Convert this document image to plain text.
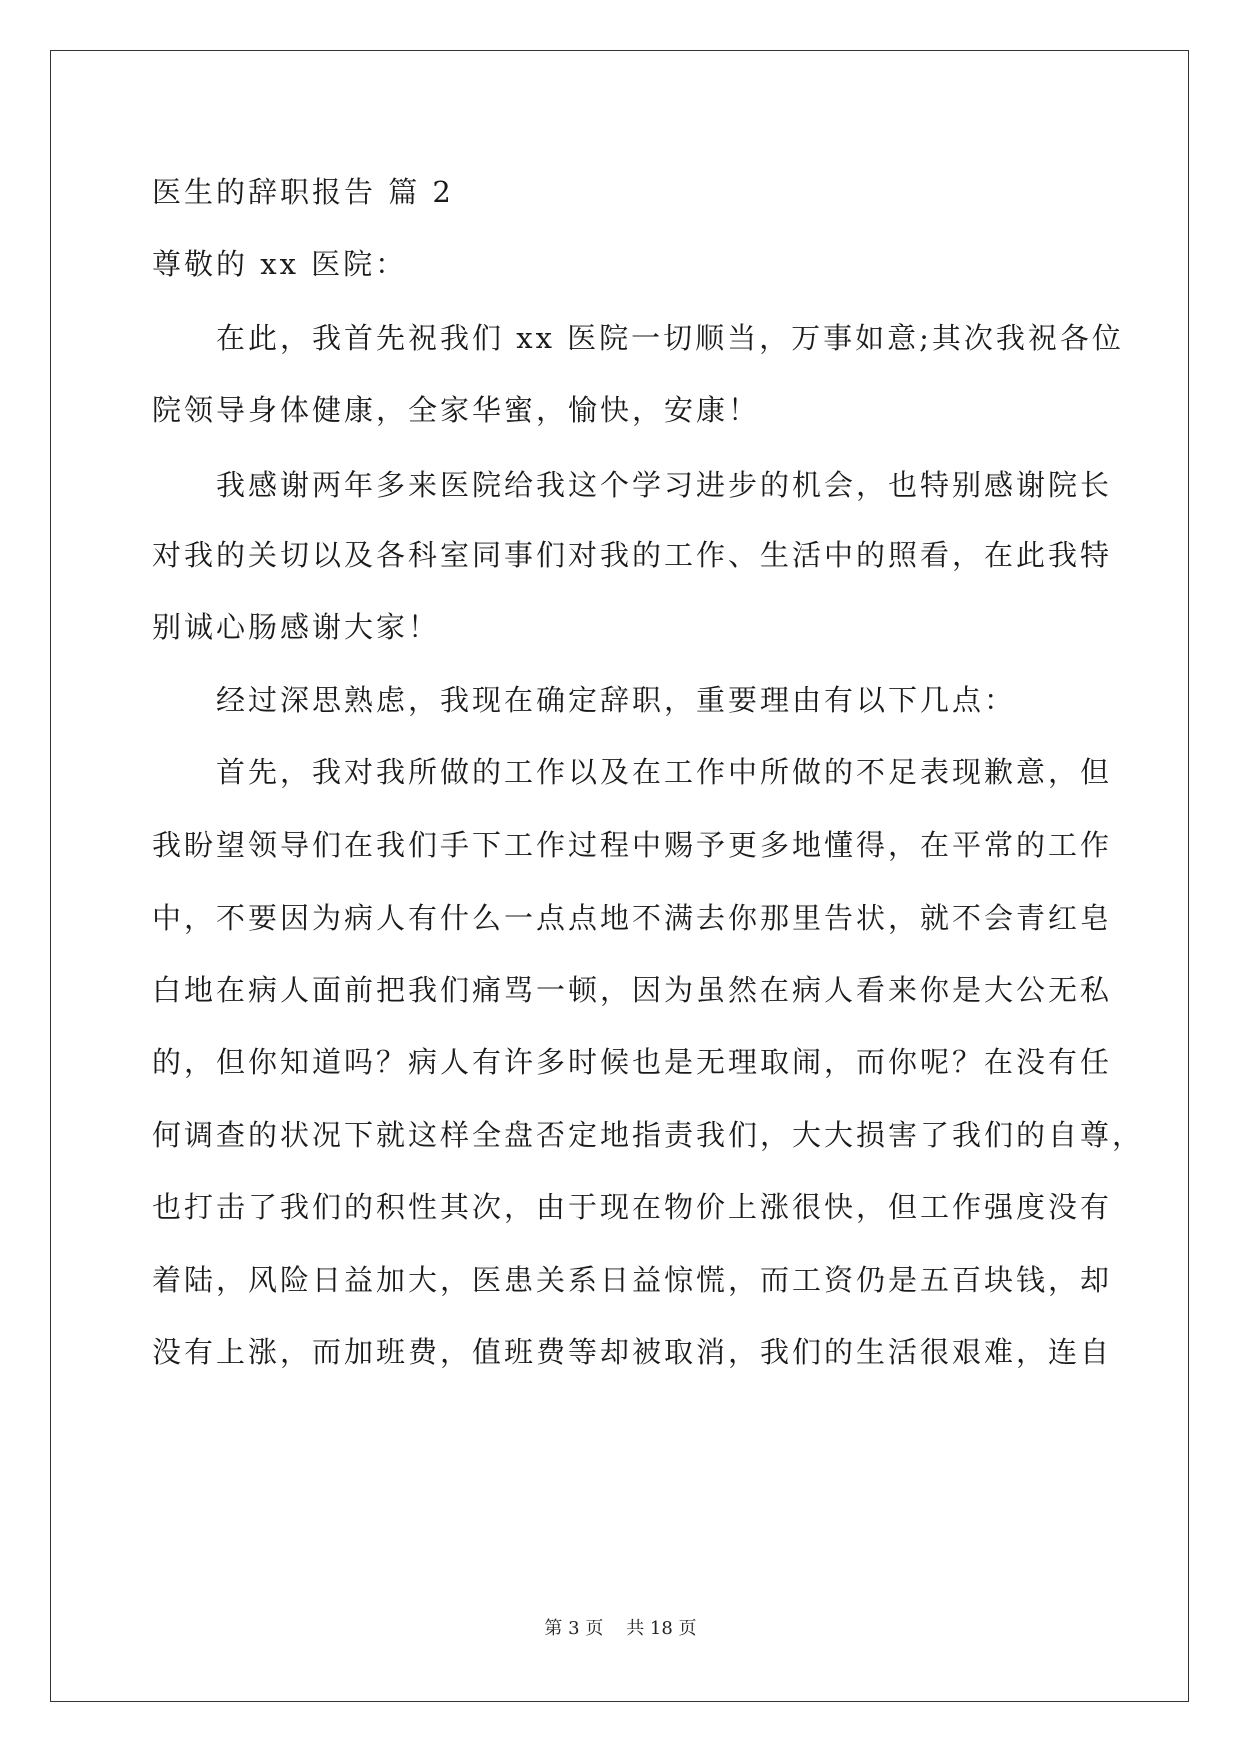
医生的辞职报告 篇 2
尊敬的 xx 医院：
在此，我首先祝我们 xx 医院一切顺当，万事如意;其次我祝各位
院领导身体健康，全家华蜜，愉快，安康！
我感谢两年多来医院给我这个学习进步的机会，也特别感谢院长
对我的关切以及各科室同事们对我的工作、生活中的照看，在此我特
别诚心肠感谢大家！
经过深思熟虑，我现在确定辞职，重要理由有以下几点：
首先，我对我所做的工作以及在工作中所做的不足表现歉意，但
我盼望领导们在我们手下工作过程中赐予更多地懂得，在平常的工作
中，不要因为病人有什么一点点地不满去你那里告状，就不会青红皂
白地在病人面前把我们痛骂一顿，因为虽然在病人看来你是大公无私
的，但你知道吗？病人有许多时候也是无理取闹，而你呢？在没有任
何调查的状况下就这样全盘否定地指责我们，大大损害了我们的自尊，
也打击了我们的积性其次，由于现在物价上涨很快，但工作强度没有
着陆，风险日益加大，医患关系日益惊慌，而工资仍是五百块钱，却
没有上涨，而加班费，值班费等却被取消，我们的生活很艰难，连自
第 3 页    共 18 页
